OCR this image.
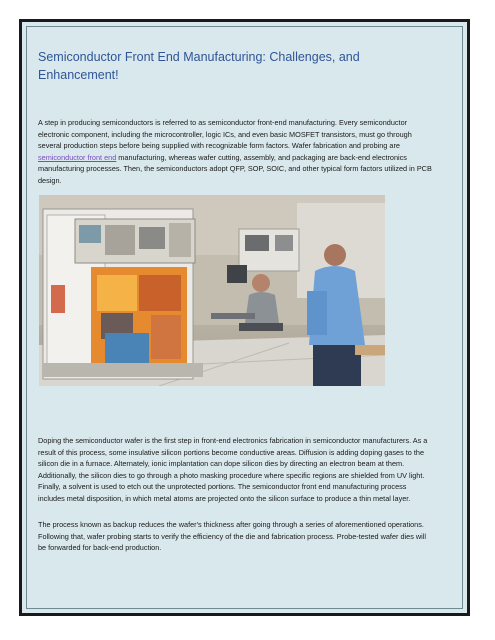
Semiconductor Front End Manufacturing: Challenges, and Enhancement!

A step in producing semiconductors is referred to as semiconductor front-end manufacturing. Every semiconductor electronic component, including the microcontroller, logic ICs, and even basic MOSFET transistors, must go through several production steps before being supplied with recognizable form factors. Wafer fabrication and probing are semiconductor front end manufacturing, whereas wafer cutting, assembly, and packaging are back-end electronics manufacturing processes. Then, the semiconductors adopt QFP, SOP, SOIC, and other typical form factors utilized in PCB design.

Doping the semiconductor wafer is the first step in front-end electronics fabrication in semiconductor manufacturers. As a result of this process, some insulative silicon portions become conductive areas. Diffusion is adding doping gases to the silicon die in a furnace. Alternately, ionic implantation can dope silicon dies by directing an electron beam at them. Additionally, the silicon dies to go through a photo masking procedure where specific regions are shielded from UV light. Finally, a solvent is used to etch out the unprotected portions. The semiconductor front end manufacturing process includes metal disposition, in which metal atoms are projected onto the silicon surface to produce a thin metal layer.

The process known as backup reduces the wafer's thickness after going through a series of aforementioned operations. Following that, wafer probing starts to verify the efficiency of the die and fabrication process. Probe-tested wafer dies will be forwarded for back-end production.
